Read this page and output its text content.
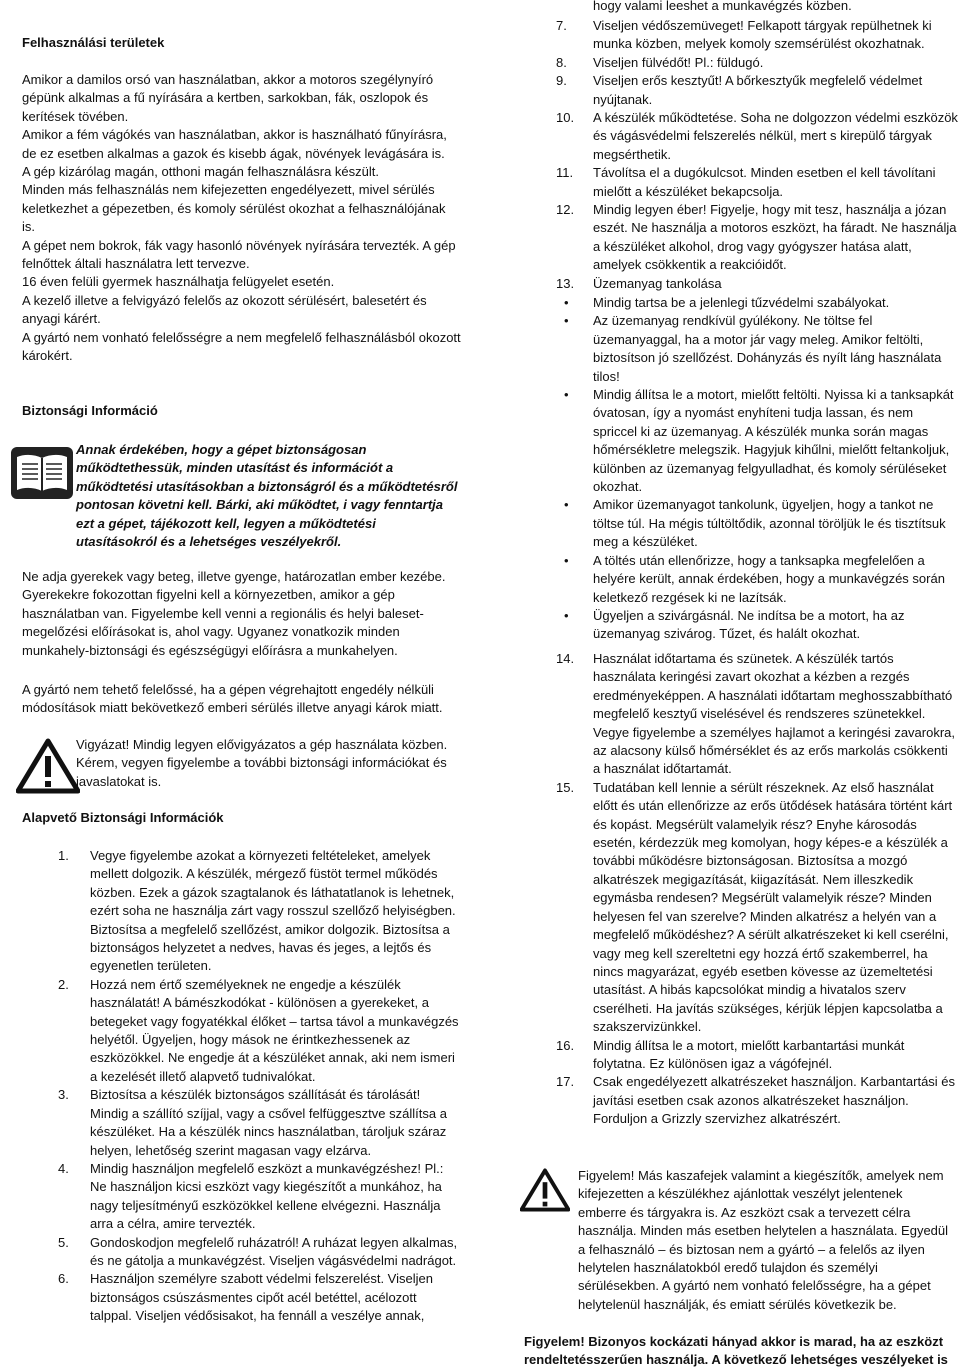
Felhasználási területek

Amikor a damilos orsó van használatban, akkor a motoros szegélynyíró gépünk alkalmas a fű nyírására a kertben, sarkokban, fák, oszlopok és kerítések tövében.

Amikor a fém vágókés van használatban, akkor is használható fűnyírásra, de ez esetben alkalmas a gazok és kisebb ágak, növények levágására is.

A gép kizárólag magán, otthoni magán felhasználásra készült.

Minden más felhasználás nem kifejezetten engedélyezett, mivel sérülés keletkezhet a gépezetben, és komoly sérülést okozhat a felhasználójának is.

A gépet nem bokrok, fák vagy hasonló növények nyírására tervezték. A gép felnőttek általi használatra lett tervezve.

16 éven felüli gyermek használhatja felügyelet esetén.

A kezelő illetve a felvigyázó felelős az okozott sérülésért, balesetért és anyagi kárért.

A gyártó nem vonható felelősségre a nem megfelelő felhasználásból okozott károkért.

Biztonsági Információ

Annak érdekében, hogy a gépet biztonságosan működtethessük, minden utasítást és információt a működtetési utasításokban a biztonságról és a működtetésről pontosan követni kell. Bárki, aki működtet, i vagy fenntartja ezt a gépet, tájékozott kell, legyen a működtetési utasításokról és a lehetséges veszélyekről.

Ne adja gyerekek vagy beteg, illetve gyenge, határozatlan ember kezébe. Gyerekekre fokozottan figyelni kell a környezetben, amikor a gép használatban van. Figyelembe kell venni a regionális és helyi baleset-megelőzési előírásokat is, ahol vagy. Ugyanez vonatkozik minden munkahely-biztonsági és egészségügyi előírásra a munkahelyen.

A gyártó nem tehető felelőssé, ha a gépen végrehajtott engedély nélküli módosítások miatt bekövetkező emberi sérülés illetve anyagi károk miatt.

Vigyázat! Mindig legyen elővigyázatos a gép használata közben. Kérem, vegyen figyelembe a további biztonsági információkat és javaslatokat is.

Alapvető Biztonsági Információk

1. Vegye figyelembe azokat a környezeti feltételeket, amelyek mellett dolgozik. A készülék, mérgező füstöt termel működés közben. Ezek a gázok szagtalanok és láthatatlanok is lehetnek, ezért soha ne használja zárt vagy rosszul szellőző helyiségben. Biztosítsa a megfelelő szellőzést, amikor dolgozik. Biztosítsa a biztonságos helyzetet a nedves, havas és jeges, a lejtős és egyenetlen területen.
2. Hozzá nem értő személyeknek ne engedje a készülék használatát! A bámészkodókat - különösen a gyerekeket, a betegeket vagy fogyatékkal élőket – tartsa távol a munkavégzés helyétől. Ügyeljen, hogy mások ne érintkezhessenek az eszközökkel. Ne engedje át a készüléket annak, aki nem ismeri a kezelését illető alapvető tudnivalókat.
3. Biztosítsa a készülék biztonságos szállítását és tárolását! Mindig a szállító szíjjal, vagy a csővel felfüggesztve szállítsa a készüléket. Ha a készülék nincs használatban, tároljuk száraz helyen, lehetőség szerint magasan vagy elzárva.
4. Mindig használjon megfelelő eszközt a munkavégzéshez! Pl.: Ne használjon kicsi eszközt vagy kiegészítőt a munkához, ha nagy teljesítményű eszközökkel kellene elvégezni. Használja arra a célra, amire tervezték.
5. Gondoskodjon megfelelő ruházatról! A ruházat legyen alkalmas, és ne gátolja a munkavégzést. Viseljen vágásvédelmi nadrágot.
6. Használjon személyre szabott védelmi felszerelést. Viseljen biztonságos csúszásmentes cipőt acél betéttel, acélozott talppal. Viseljen védősisakot, ha fennáll a veszélye annak,

hogy valami leeshet a munkavégzés közben.

7. Viseljen védőszemüveget! Felkapott tárgyak repülhetnek ki munka közben, melyek komoly szemsérülést okozhatnak.
8. Viseljen fülvédőt! Pl.: füldugó.
9. Viseljen erős kesztyűt! A bőrkesztyűk megfelelő védelmet nyújtanak.
10. A készülék működtetése. Soha ne dolgozzon védelmi eszközök és vágásvédelmi felszerelés nélkül, mert s kirepülő tárgyak megsérthetik.
11. Távolítsa el a dugókulcsot. Minden esetben el kell távolítani mielőtt a készüléket bekapcsolja.
12. Mindig legyen éber! Figyelje, hogy mit tesz, használja a józan eszét. Ne használja a motoros eszközt, ha fáradt. Ne használja a készüléket alkohol, drog vagy gyógyszer hatása alatt, amelyek csökkentik a reakcióidőt.
13. Üzemanyag tankolása
• Mindig tartsa be a jelenlegi tűzvédelmi szabályokat.
• Az üzemanyag rendkívül gyúlékony. Ne töltse fel üzemanyaggal, ha a motor jár vagy meleg. Amikor feltölti, biztosítson jó szellőzést. Dohányzás és nyílt láng használata tilos!
• Mindig állítsa le a motort, mielőtt feltölti. Nyissa ki a tanksapkát óvatosan, így a nyomást enyhíteni tudja lassan, és nem spriccel ki az üzemanyag. A készülék munka során magas hőmérsékletre melegszik. Hagyjuk kihűlni, mielőtt feltankoljuk, különben az üzemanyag felgyulladhat, és komoly sérüléseket okozhat.
• Amikor üzemanyagot tankolunk, ügyeljen, hogy a tankot ne töltse túl. Ha mégis túltöltődik, azonnal töröljük le és tisztítsuk meg a készüléket.
• A töltés után ellenőrizze, hogy a tanksapka megfelelően a helyére került, annak érdekében, hogy a munkavégzés során keletkező rezgések ki ne lazítsák.
• Ügyeljen a szivárgásnál. Ne indítsa be a motort, ha az üzemanyag szivárog. Tűzet, és halált okozhat.
14. Használat időtartama és szünetek. A készülék tartós használata keringési zavart okozhat a kézben a rezgés eredményeképpen. A használati időtartam meghosszabbítható megfelelő kesztyű viselésével és rendszeres szünetekkel. Vegye figyelembe a személyes hajlamot a keringési zavarokra, az alacsony külső hőmérséklet és az erős markolás csökkenti a használat időtartamát.
15. Tudatában kell lennie a sérült részeknek. Az első használat előtt és után ellenőrizze az erős ütődések hatására történt kárt és kopást. Megsérült valamelyik rész? Enyhe károsodás esetén, kérdezzük meg komolyan, hogy képes-e a készülék a további működésre biztonságosan. Biztosítsa a mozgó alkatrészek megigazítását, kiigazítását. Nem illeszkedik egymásba rendesen? Megsérült valamelyik része? Minden helyesen fel van szerelve? Minden alkatrész a helyén van a megfelelő működéshez? A sérült alkatrészeket ki kell cserélni, vagy meg kell szereltetni egy hozzá értő szakemberrel, ha nincs magyarázat, egyéb esetben kövesse az üzemeltetési utasítást. A hibás kapcsolókat mindig a hivatalos szerv cserélheti. Ha javítás szükséges, kérjük lépjen kapcsolatba a szakszervizünkkel.
16. Mindig állítsa le a motort, mielőtt karbantartási munkát folytatna. Ez különösen igaz a vágófejnél.
17. Csak engedélyezett alkatrészeket használjon. Karbantartási és javítási esetben csak azonos alkatrészeket használjon. Forduljon a Grizzly szervizhez alkatrészért.

Figyelem! Más kaszafejek valamint a kiegészítők, amelyek nem kifejezetten a készülékhez ajánlottak veszélyt jelentenek emberre és tárgyakra is. Az eszközt csak a tervezett célra használja. Minden más esetben helytelen a használata. Egyedül a felhasználó – és biztosan nem a gyártó – a felelős az ilyen helytelen használatokból eredő tulajdon és személyi sérülésekben. A gyártó nem vonható felelősségre, ha a gépet helytelenül használják, és emiatt sérülés következik be.

Figyelem! Bizonyos kockázati hányad akkor is marad, ha az eszközt rendeltetésszerűen használja. A következő lehetséges veszélyeket is
